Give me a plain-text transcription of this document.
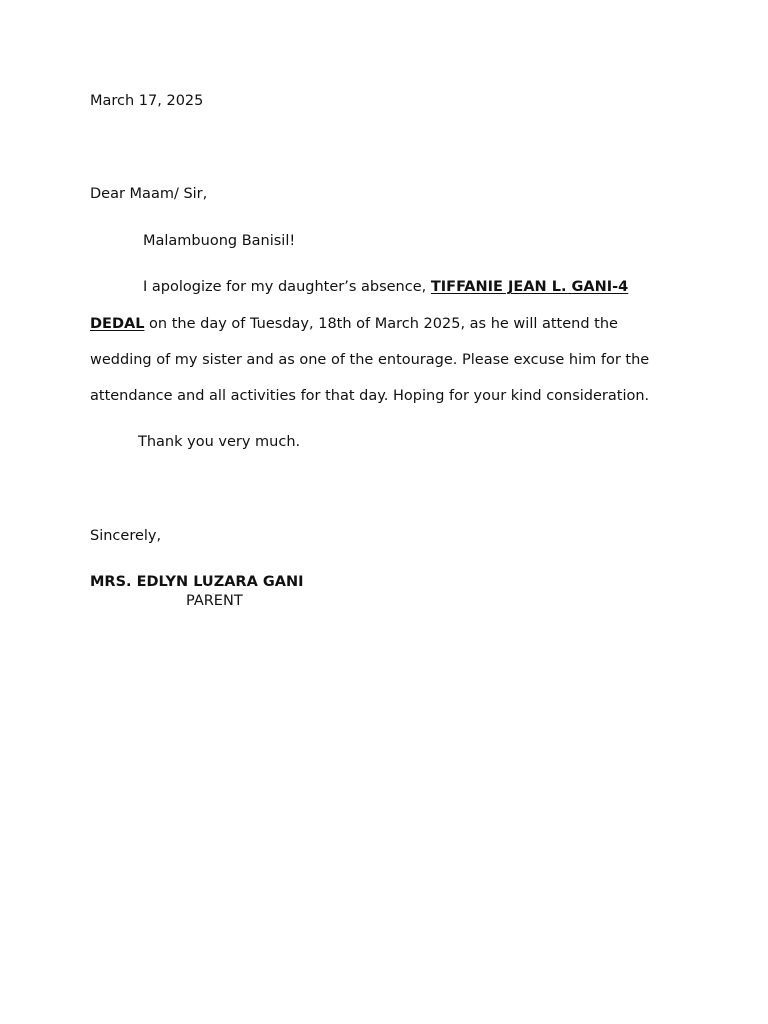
March 17, 2025
Dear Maam/ Sir,
Malambuong Banisil!
I apologize for my daughter’s absence, TIFFANIE JEAN L. GANI-4
DEDAL on the day of Tuesday, 18th of March 2025, as he will attend the
wedding of my sister and as one of the entourage. Please excuse him for the
attendance and all activities for that day. Hoping for your kind consideration.
Thank you very much.
Sincerely,
MRS. EDLYN LUZARA GANI
PARENT
